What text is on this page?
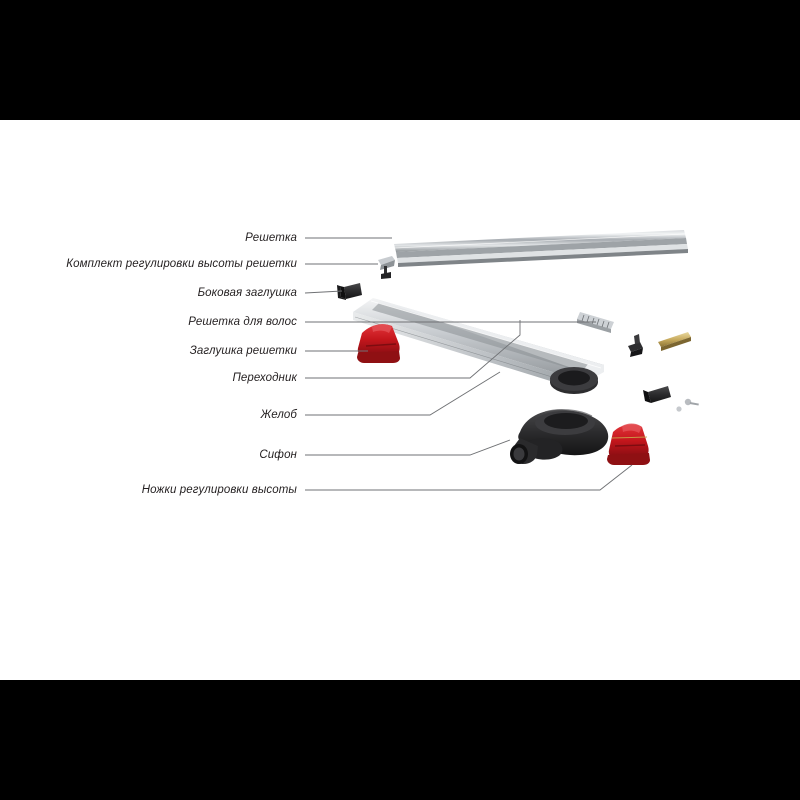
Решетка
Комплект регулировки высоты решетки
Боковая заглушка
Решетка для волос
Заглушка решетки
Переходник
Желоб
Сифон
Ножки регулировки высоты
